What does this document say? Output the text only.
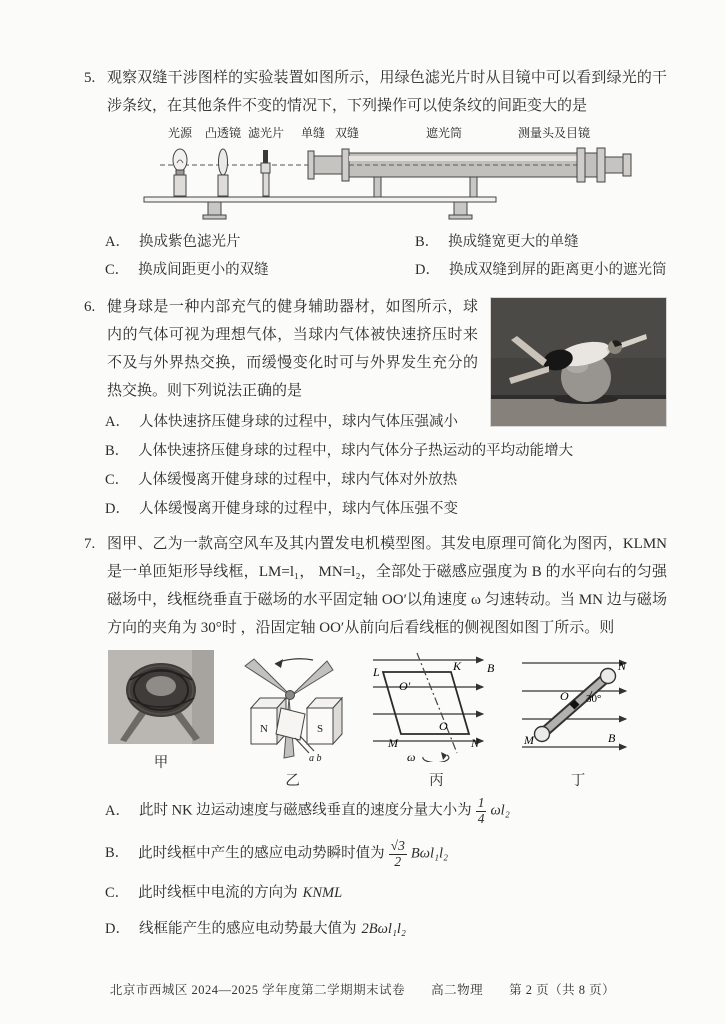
5. 观察双缝干涉图样的实验装置如图所示，用绿色滤光片时从目镜中可以看到绿光的干涉条纹，在其他条件不变的情况下，下列操作可以使条纹的间距变大的是
光源 凸透镜 滤光片 单缝 双缝	遮光筒	测量头及目镜
A． 换成紫色滤光片	B． 换成缝宽更大的单缝
C． 换成间距更小的双缝	D． 换成双缝到屏的距离更小的遮光筒
6. 健身球是一种内部充气的健身辅助器材，如图所示，球内的气体可视为理想气体，当球内气体被快速挤压时来不及与外界热交换，而缓慢变化时可与外界发生充分的热交换。则下列说法正确的是
A． 人体快速挤压健身球的过程中，球内气体压强减小
B． 人体快速挤压健身球的过程中，球内气体分子热运动的平均动能增大
C． 人体缓慢离开健身球的过程中，球内气体对外放热
D． 人体缓慢离开健身球的过程中，球内气体压强不变
7. 图甲、乙为一款高空风车及其内置发电机模型图。其发电原理可简化为图丙，KLMN 是一单匝矩形导线框，LM=l₁， MN=l₂，全部处于磁感应强度为 B 的水平向右的匀强磁场中，线框绕垂直于磁场的水平固定轴 OO′以角速度 ω 匀速转动。当 MN 边与磁场方向的夹角为 30°时 ，沿固定轴 OO′从前向后看线框的侧视图如图丁所示。则
甲
N	S
a b
乙
L	K B
O′
M
O
N
ω
丙
O 30°
N
M	B
丁
A． 此时 NK 边运动速度与磁感线垂直的速度分量大小为 $\frac{1}{4} \omega l_2$
B． 此时线框中产生的感应电动势瞬时值为 $\frac{√3}{2} B\omega l_1l_2$
C． 此时线框中电流的方向为 KNML
D． 线框能产生的感应电动势最大值为 2Bωl₁l₂
北京市西城区 2024—2025 学年度第二学期期末试卷　　高二物理　　第 2 页（共 8 页）
